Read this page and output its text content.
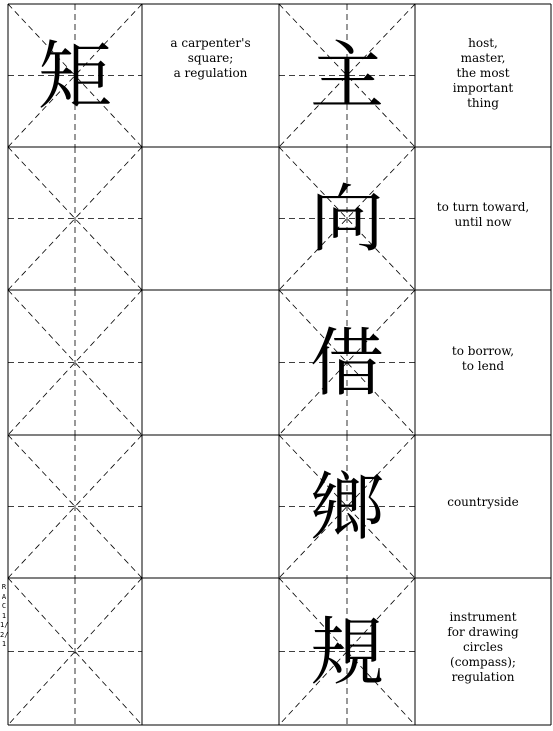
矩	主
向
借
鄉
規
a carpenter's
square;
a regulation
host,
master,
the most
important
thing
to turn toward,
until now
to borrow,
to lend
countryside
instrument
for drawing
circles
(compass);
regulation
RAC 11/2/1
